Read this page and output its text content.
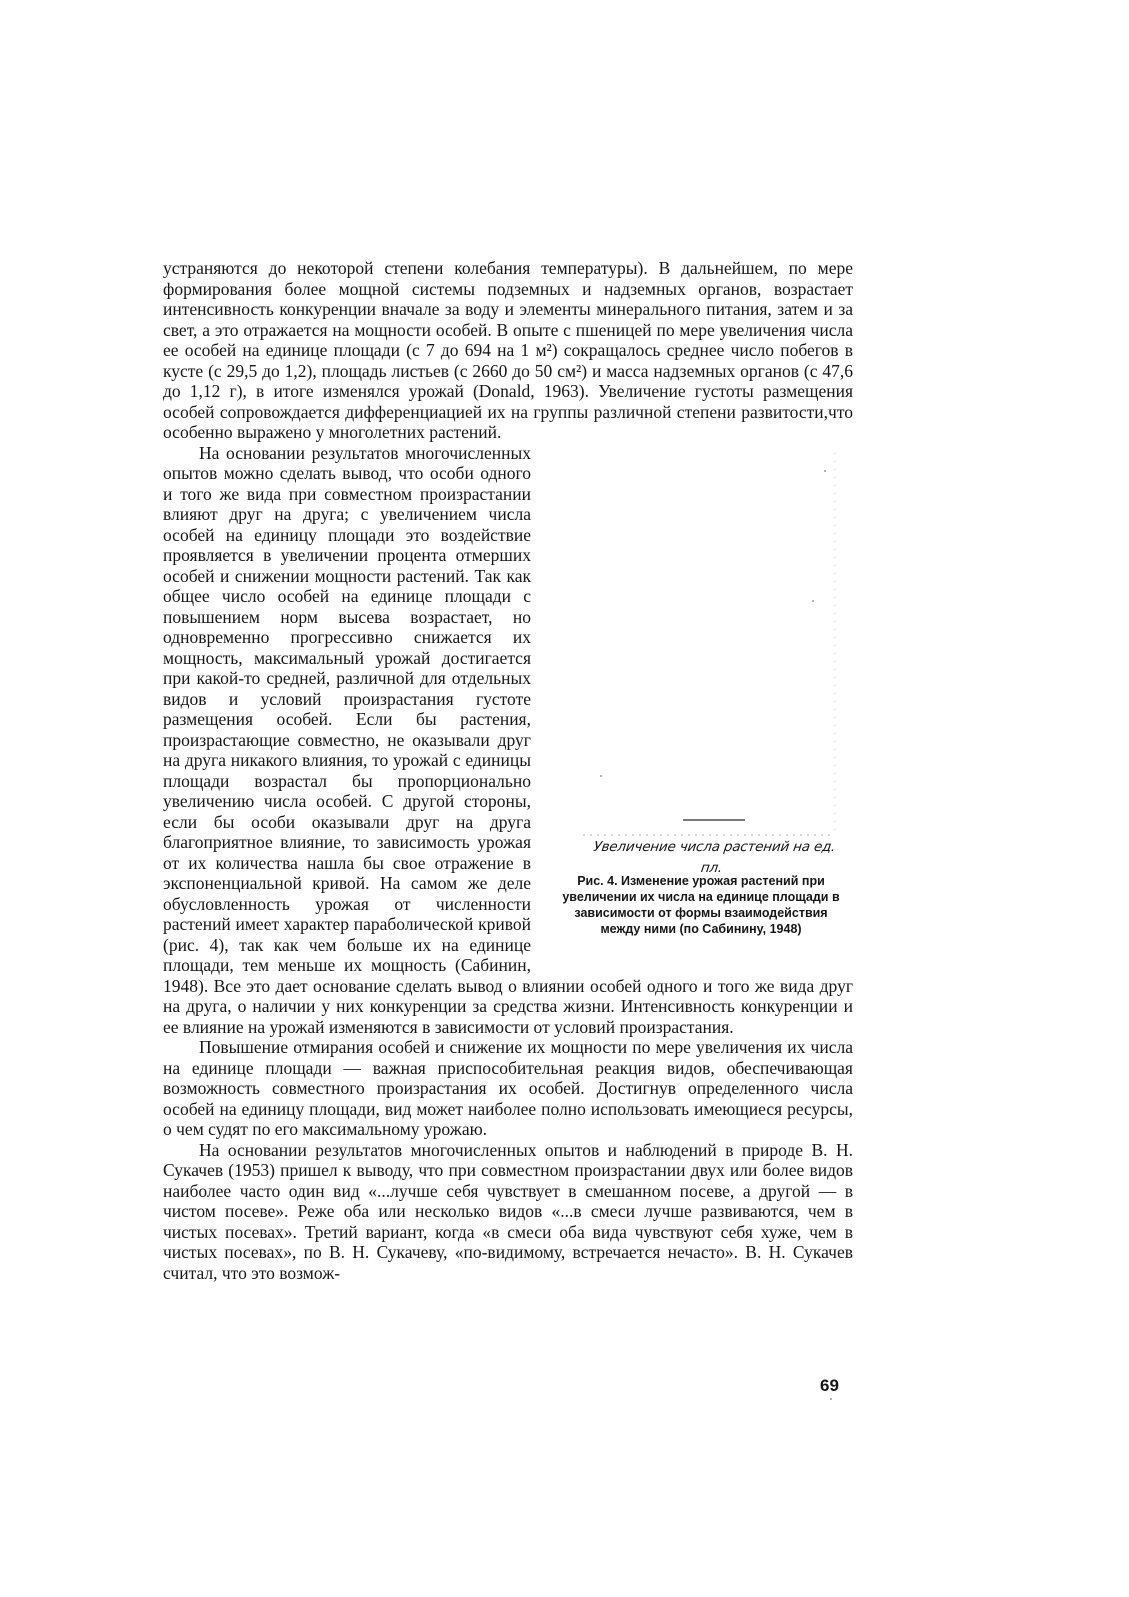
устраняются до некоторой степени колебания температуры). В дальнейшем, по мере формирования более мощной системы подземных и надземных органов, возрастает интенсивность конкуренции вначале за воду и элементы минерального питания, затем и за свет, а это отражается на мощности особей. В опыте с пшеницей по мере увеличения числа ее особей на единице площади (с 7 до 694 на 1 м²) сокращалось среднее число побегов в кусте (с 29,5 до 1,2), площадь листьев (с 2660 до 50 см²) и масса надземных органов (с 47,6 до 1,12 г), в итоге изменялся урожай (Donald, 1963). Увеличение густоты размещения особей сопровождается дифференциацией их на группы различной степени развитости,что особенно выражено у многолетних растений.

Увеличение числа растений на ед. пл.
Рис. 4. Изменение урожая растений при увеличении их числа на единице площади в зависимости от формы взаимодействия между ними (по Сабинину, 1948)

На основании результатов многочисленных опытов можно сделать вывод, что особи одного и того же вида при совместном произрастании влияют друг на друга; с увеличением числа особей на единицу площади это воздействие проявляется в увеличении процента отмерших особей и снижении мощности растений. Так как общее число особей на единице площади с повышением норм высева возрастает, но одновременно прогрессивно снижается их мощность, максимальный урожай достигается при какой-то средней, различной для отдельных видов и условий произрастания густоте размещения особей. Если бы растения, произрастающие совместно, не оказывали друг на друга никакого влияния, то урожай с единицы площади возрастал бы пропорционально увеличению числа особей. С другой стороны, если бы особи оказывали друг на друга благоприятное влияние, то зависимость урожая от их количества нашла бы свое отражение в экспоненциальной кривой. На самом же деле обусловленность урожая от численности растений имеет характер параболической кривой (рис. 4), так как чем больше их на единице площади, тем меньше их мощность (Сабинин, 1948). Все это дает основание сделать вывод о влиянии особей одного и того же вида друг на друга, о наличии у них конкуренции за средства жизни. Интенсивность конкуренции и ее влияние на урожай изменяются в зависимости от условий произрастания.

Повышение отмирания особей и снижение их мощности по мере увеличения их числа на единице площади — важная приспособительная реакция видов, обеспечивающая возможность совместного произрастания их особей. Достигнув определенного числа особей на единицу площади, вид может наиболее полно использовать имеющиеся ресурсы, о чем судят по его максимальному урожаю.

На основании результатов многочисленных опытов и наблюдений в природе В. Н. Сукачев (1953) пришел к выводу, что при совместном произрастании двух или более видов наиболее часто один вид «...лучше себя чувствует в смешанном посеве, а другой — в чистом посеве». Реже оба или несколько видов «...в смеси лучше развиваются, чем в чистых посевах». Третий вариант, когда «в смеси оба вида чувствуют себя хуже, чем в чистых посевах», по В. Н. Сукачеву, «по-видимому, встречается нечасто». В. Н. Сукачев считал, что это возмож-

69
